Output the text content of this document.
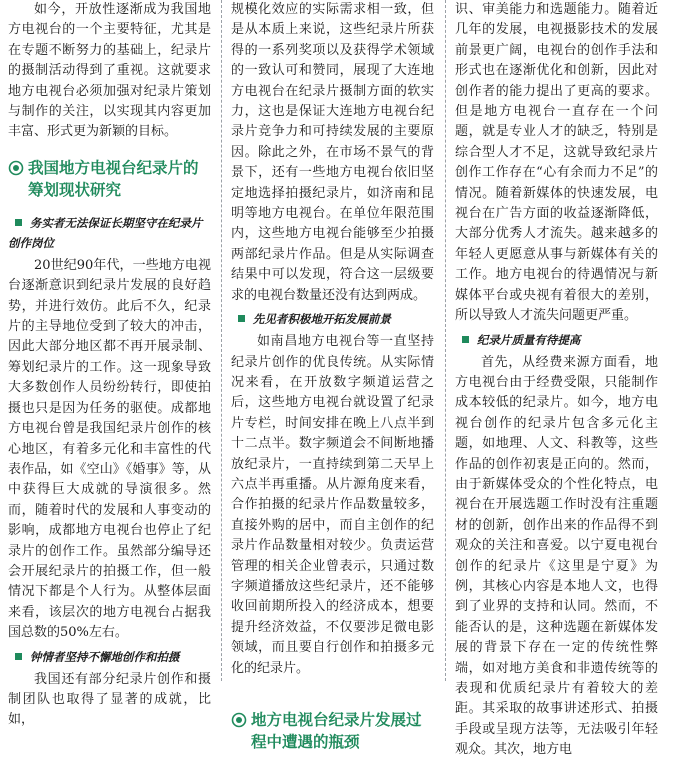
如今，开放性逐渐成为我国地方电视台的一个主要特征，尤其是在专题不断努力的基础上，纪录片的摄制活动得到了重视。这就要求地方电视台必须加强对纪录片策划与制作的关注，以实现其内容更加丰富、形式更为新颖的目标。

我国地方电视台纪录片的筹划现状研究
务实者无法保证长期坚守在纪录片创作岗位

20世纪90年代，一些地方电视台逐渐意识到纪录片发展的良好趋势，并进行效仿。此后不久，纪录片的主导地位受到了较大的冲击，因此大部分地区都不再开展录制、筹划纪录片的工作。这一现象导致大多数创作人员纷纷转行，即使拍摄也只是因为任务的驱使。成都地方电视台曾是我国纪录片创作的核心地区，有着多元化和丰富性的代表作品，如《空山》《婚事》等，从中获得巨大成就的导演很多。然而，随着时代的发展和人事变动的影响，成都地方电视台也停止了纪录片的创作工作。虽然部分编导还会开展纪录片的拍摄工作，但一般情况下都是个人行为。从整体层面来看，该层次的地方电视台占据我国总数的50%左右。

钟情者坚持不懈地创作和拍摄

我国还有部分纪录片创作和摄制团队也取得了显著的成就，比如，

规模化效应的实际需求相一致，但是从本质上来说，这些纪录片所获得的一系列奖项以及获得学术领域的一致认可和赞同，展现了大连地方电视台在纪录片摄制方面的软实力，这也是保证大连地方电视台纪录片竞争力和可持续发展的主要原因。除此之外，在市场不景气的背景下，还有一些地方电视台依旧坚定地选择拍摄纪录片，如济南和昆明等地方电视台。在单位年限范围内，这些地方电视台能够至少拍摄两部纪录片作品。但是从实际调查结果中可以发现，符合这一层级要求的电视台数量还没有达到两成。

先见者积极地开拓发展前景

如南昌地方电视台等一直坚持纪录片创作的优良传统。从实际情况来看，在开放数字频道运营之后，这些地方电视台就设置了纪录片专栏，时间安排在晚上八点半到十二点半。数字频道会不间断地播放纪录片，一直持续到第二天早上六点半再重播。从片源角度来看，合作拍摄的纪录片作品数量较多，直接外购的居中，而自主创作的纪录片作品数量相对较少。负责运营管理的相关企业曾表示，只通过数字频道播放这些纪录片，还不能够收回前期所投入的经济成本，想要提升经济效益，不仅要涉足微电影领域，而且要自行创作和拍摄多元化的纪录片。

地方电视台纪录片发展过程中遭遇的瓶颈

识、审美能力和选题能力。随着近几年的发展，电视摄影技术的发展前景更广阔，电视台的创作手法和形式也在逐渐优化和创新，因此对创作者的能力提出了更高的要求。但是地方电视台一直存在一个问题，就是专业人才的缺乏，特别是综合型人才不足，这就导致纪录片创作工作存在“心有余而力不足”的情况。随着新媒体的快速发展，电视台在广告方面的收益逐渐降低，大部分优秀人才流失。越来越多的年轻人更愿意从事与新媒体有关的工作。地方电视台的待遇情况与新媒体平台或央视有着很大的差别，所以导致人才流失问题更严重。

纪录片质量有待提高

首先，从经费来源方面看，地方电视台由于经费受限，只能制作成本较低的纪录片。如今，地方电视台创作的纪录片包含多元化主题，如地理、人文、科教等，这些作品的创作初衷是正向的。然而，由于新媒体受众的个性化特点，电视台在开展选题工作时没有注重题材的创新，创作出来的作品得不到观众的关注和喜爱。以宁夏电视台创作的纪录片《这里是宁夏》为例，其核心内容是本地人文，也得到了业界的支持和认同。然而，不能否认的是，这种选题在新媒体发展的背景下存在一定的传统性弊端，如对地方美食和非遗传统等的表现和优质纪录片有着较大的差距。其采取的故事讲述形式、拍摄手段或呈现方法等，无法吸引年轻观众。其次，地方电
